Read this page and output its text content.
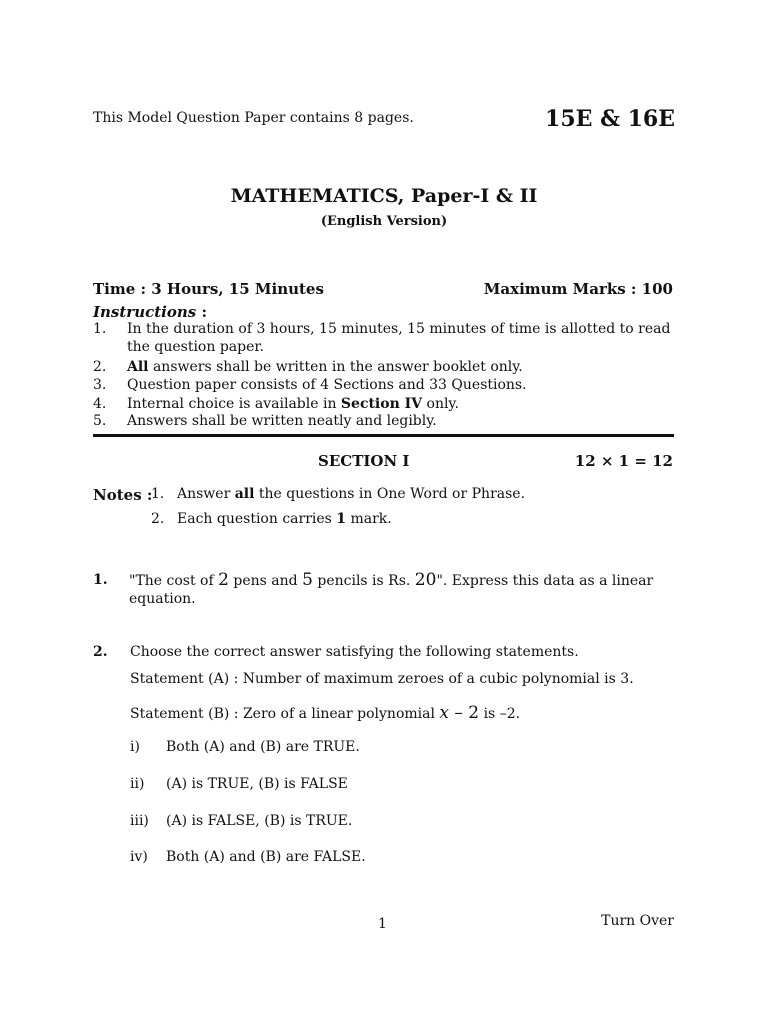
This Model Question Paper contains 8 pages.	15E & 16E
MATHEMATICS, Paper-I & II
(English Version)
Time : 3 Hours, 15 Minutes	Maximum Marks : 100
Instructions :
1. In the duration of 3 hours, 15 minutes, 15 minutes of time is allotted to read
the question paper.
2. All answers shall be written in the answer booklet only.
3. Question paper consists of 4 Sections and 33 Questions.
4. Internal choice is available in Section IV only.
5. Answers shall be written neatly and legibly.
SECTION I	12 × 1 = 12
Notes :
1. Answer all the questions in One Word or Phrase.
2. Each question carries 1 mark.
1. "The cost of 2 pens and 5 pencils is Rs. 20". Express this data as a linear
equation.
2. Choose the correct answer satisfying the following statements.
Statement (A) : Number of maximum zeroes of a cubic polynomial is 3.
Statement (B) : Zero of a linear polynomial x – 2 is –2.
i) Both (A) and (B) are TRUE.
ii) (A) is TRUE, (B) is FALSE
iii) (A) is FALSE, (B) is TRUE.
iv) Both (A) and (B) are FALSE.
1	Turn Over
